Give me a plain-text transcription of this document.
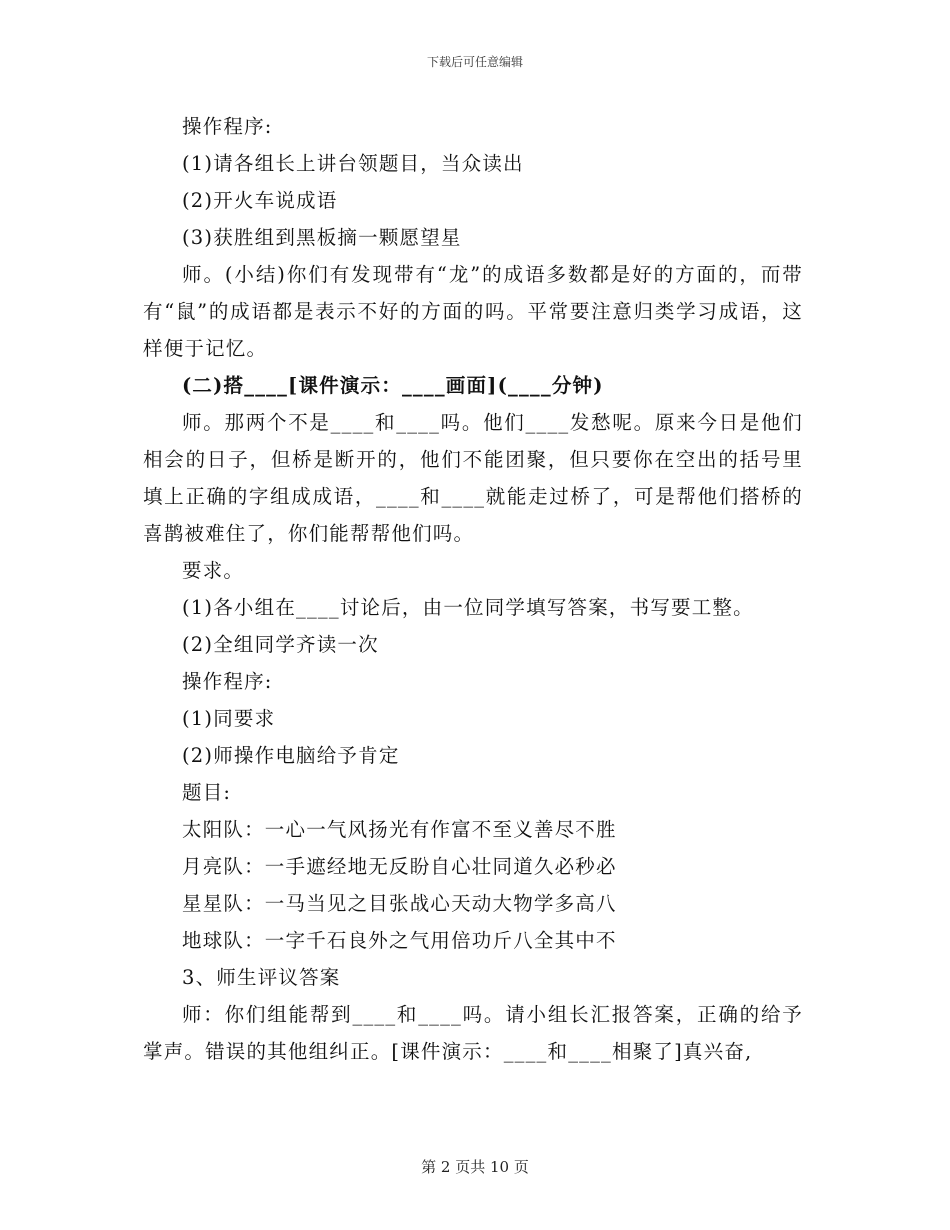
下载后可任意编辑

操作程序:

(1)请各组长上讲台领题目，当众读出

(2)开火车说成语

(3)获胜组到黑板摘一颗愿望星

师。(小结)你们有发现带有“龙”的成语多数都是好的方面的，而带有“鼠”的成语都是表示不好的方面的吗。平常要注意归类学习成语，这样便于记忆。

(二)搭____[课件演示：____画面](____分钟)

师。那两个不是____和____吗。他们____发愁呢。原来今日是他们相会的日子，但桥是断开的，他们不能团聚，但只要你在空出的括号里填上正确的字组成成语，____和____就能走过桥了，可是帮他们搭桥的喜鹊被难住了，你们能帮帮他们吗。

要求。

(1)各小组在____讨论后，由一位同学填写答案，书写要工整。

(2)全组同学齐读一次

操作程序:

(1)同要求

(2)师操作电脑给予肯定

题目:

太阳队：一心一气风扬光有作富不至义善尽不胜

月亮队：一手遮经地无反盼自心壮同道久必秒必

星星队：一马当见之目张战心天动大物学多高八

地球队：一字千石良外之气用倍功斤八全其中不

3、师生评议答案

师：你们组能帮到____和____吗。请小组长汇报答案，正确的给予掌声。错误的其他组纠正。[课件演示：____和____相聚了]真兴奋,

第 2 页共 10 页
